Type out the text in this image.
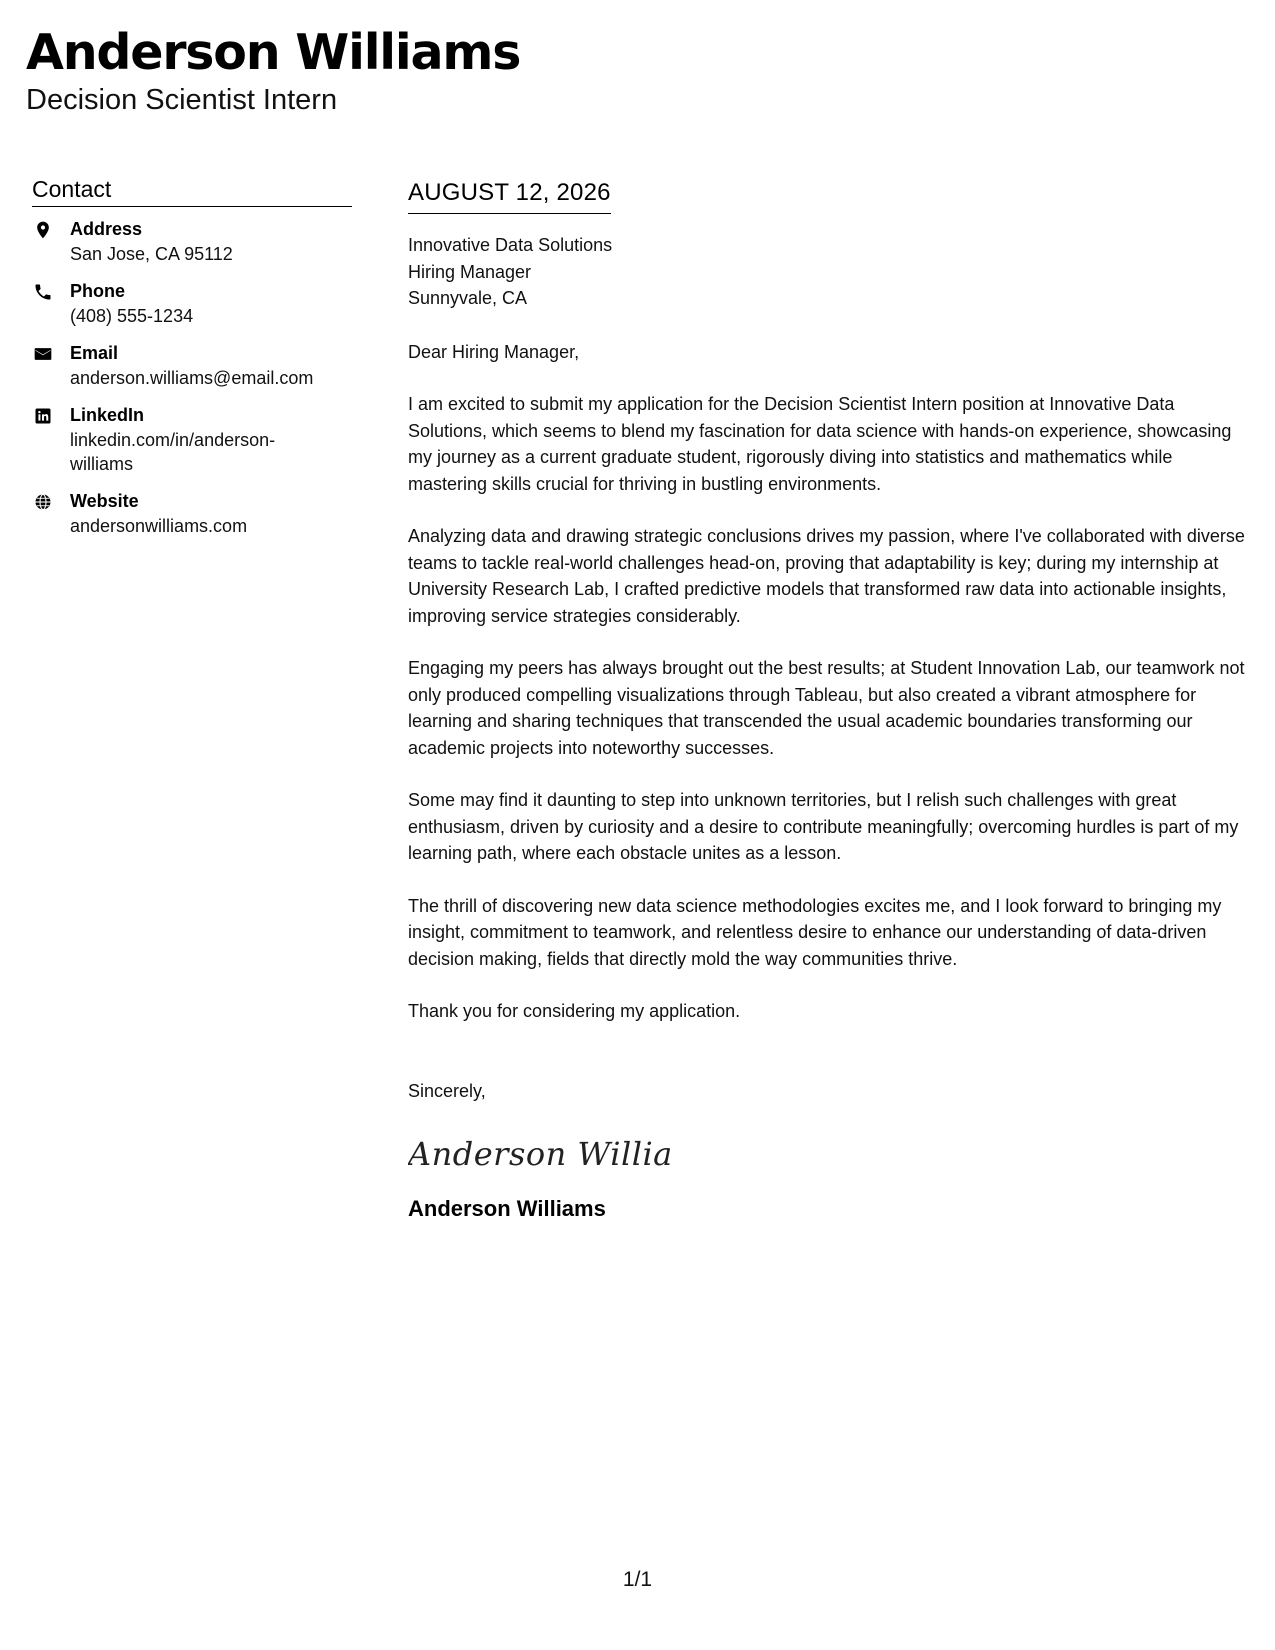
Anderson Williams
Decision Scientist Intern
Contact
Address
San Jose, CA 95112
Phone
(408) 555-1234
Email
anderson.williams@email.com
LinkedIn
linkedin.com/in/anderson-
williams
Website
andersonwilliams.com
AUGUST 12, 2026
Innovative Data Solutions
Hiring Manager
Sunnyvale, CA
Dear Hiring Manager,
I am excited to submit my application for the Decision Scientist Intern position at Innovative Data Solutions, which seems to blend my fascination for data science with hands-on experience, showcasing my journey as a current graduate student, rigorously diving into statistics and mathematics while mastering skills crucial for thriving in bustling environments.
Analyzing data and drawing strategic conclusions drives my passion, where I've collaborated with diverse teams to tackle real-world challenges head-on, proving that adaptability is key; during my internship at University Research Lab, I crafted predictive models that transformed raw data into actionable insights, improving service strategies considerably.
Engaging my peers has always brought out the best results; at Student Innovation Lab, our teamwork not only produced compelling visualizations through Tableau, but also created a vibrant atmosphere for learning and sharing techniques that transcended the usual academic boundaries transforming our academic projects into noteworthy successes.
Some may find it daunting to step into unknown territories, but I relish such challenges with great enthusiasm, driven by curiosity and a desire to contribute meaningfully; overcoming hurdles is part of my learning path, where each obstacle unites as a lesson.
The thrill of discovering new data science methodologies excites me, and I look forward to bringing my insight, commitment to teamwork, and relentless desire to enhance our understanding of data-driven decision making, fields that directly mold the way communities thrive.
Thank you for considering my application.
Sincerely,
Anderson Willia
Anderson Williams
1/1
